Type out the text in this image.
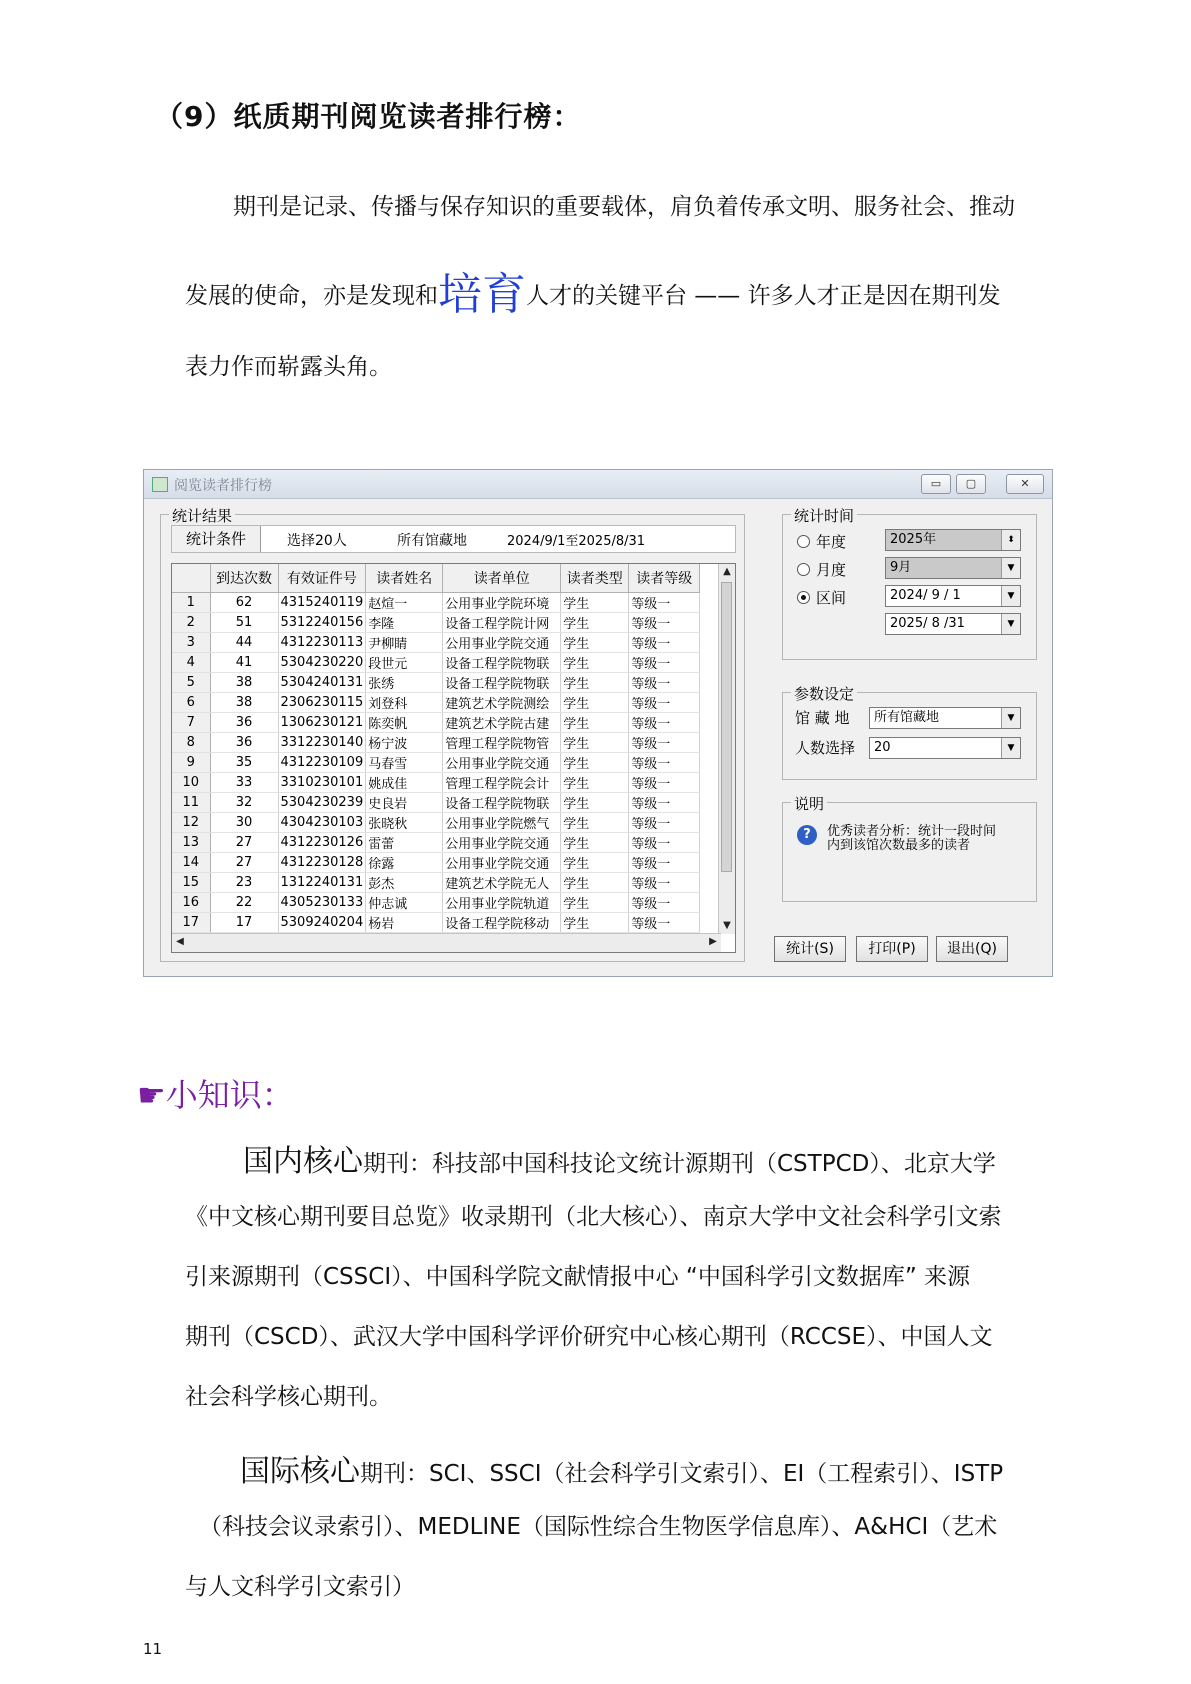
（9）纸质期刊阅览读者排行榜：
期刊是记录、传播与保存知识的重要载体，肩负着传承文明、服务社会、推动
发展的使命，亦是发现和培育人才的关键平台 —— 许多人才正是因在期刊发
表力作而崭露头角。
阅览读者排行榜	▭	▢	✕
统计结果
统计条件	选择20人	所有馆藏地	2024/9/1至2025/8/31
	到达次数	有效证件号	读者姓名	读者单位	读者类型	读者等级
1	62	4315240119	赵煊一	公用事业学院环境	学生	等级一
2	51	5312240156	李隆	设备工程学院计网	学生	等级一
3	44	4312230113	尹柳睛	公用事业学院交通	学生	等级一
4	41	5304230220	段世元	设备工程学院物联	学生	等级一
5	38	5304240131	张绣	设备工程学院物联	学生	等级一
6	38	2306230115	刘登科	建筑艺术学院测绘	学生	等级一
7	36	1306230121	陈奕帆	建筑艺术学院古建	学生	等级一
8	36	3312230140	杨宁波	管理工程学院物管	学生	等级一
9	35	4312230109	马春雪	公用事业学院交通	学生	等级一
10	33	3310230101	姚成佳	管理工程学院会计	学生	等级一
11	32	5304230239	史良岩	设备工程学院物联	学生	等级一
12	30	4304230103	张晓秋	公用事业学院燃气	学生	等级一
13	27	4312230126	雷蕾	公用事业学院交通	学生	等级一
14	27	4312230128	徐露	公用事业学院交通	学生	等级一
15	23	1312240131	彭杰	建筑艺术学院无人	学生	等级一
16	22	4305230133	仲志诚	公用事业学院轨道	学生	等级一
17	17	5309240204	杨岩	设备工程学院移动	学生	等级一

▲
▼
◀	▶
统计时间
年度
月度
区间
2025年	⬍
9月	▼
2024/ 9 / 1	▼
2025/ 8 /31	▼
参数设定
馆 藏 地	所有馆藏地	▼
人数选择	20	▼
说明
?	优秀读者分析：统计一段时间内到该馆次数最多的读者
统计(S)	打印(P)	退出(Q)
☛小知识：
国内核心期刊：科技部中国科技论文统计源期刊（CSTPCD）、北京大学
《中文核心期刊要目总览》收录期刊（北大核心）、南京大学中文社会科学引文索
引来源期刊（CSSCI）、中国科学院文献情报中心 “中国科学引文数据库” 来源
期刊（CSCD）、武汉大学中国科学评价研究中心核心期刊（RCCSE）、中国人文
社会科学核心期刊。
国际核心期刊：SCI、SSCI（社会科学引文索引）、EI（工程索引）、ISTP
（科技会议录索引）、MEDLINE（国际性综合生物医学信息库）、A&HCI（艺术
与人文科学引文索引）
11
